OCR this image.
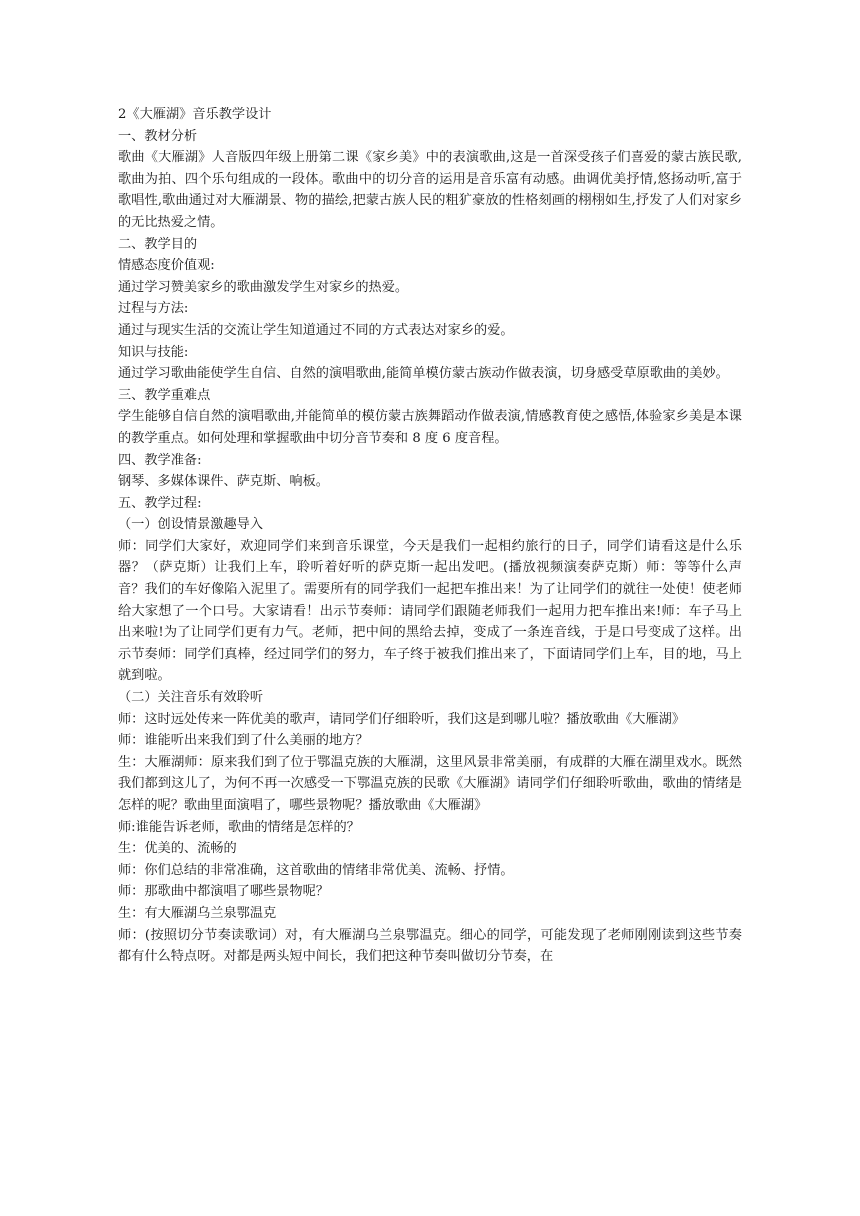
2《大雁湖》音乐教学设计

一、教材分析

歌曲《大雁湖》人音版四年级上册第二课《家乡美》中的表演歌曲,这是一首深受孩子们喜爱的蒙古族民歌,歌曲为拍、四个乐句组成的一段体。歌曲中的切分音的运用是音乐富有动感。曲调优美抒情,悠扬动听,富于歌唱性,歌曲通过对大雁湖景、物的描绘,把蒙古族人民的粗犷豪放的性格刻画的栩栩如生,抒发了人们对家乡的无比热爱之情。

二、教学目的

情感态度价值观:

通过学习赞美家乡的歌曲激发学生对家乡的热爱。

过程与方法:

通过与现实生活的交流让学生知道通过不同的方式表达对家乡的爱。

知识与技能:

通过学习歌曲能使学生自信、自然的演唱歌曲,能简单模仿蒙古族动作做表演，切身感受草原歌曲的美妙。

三、教学重难点

学生能够自信自然的演唱歌曲,并能简单的模仿蒙古族舞蹈动作做表演,情感教育使之感悟,体验家乡美是本课的教学重点。如何处理和掌握歌曲中切分音节奏和 8 度 6 度音程。

四、教学准备:

钢琴、多媒体课件、萨克斯、响板。

五、教学过程:

（一）创设情景激趣导入

师：同学们大家好，欢迎同学们来到音乐课堂，今天是我们一起相约旅行的日子，同学们请看这是什么乐器？（萨克斯）让我们上车，聆听着好听的萨克斯一起出发吧。(播放视频演奏萨克斯）师：等等什么声音？我们的车好像陷入泥里了。需要所有的同学我们一起把车推出来！为了让同学们的就往一处使！使老师给大家想了一个口号。大家请看！出示节奏师：请同学们跟随老师我们一起用力把车推出来!师：车子马上出来啦!为了让同学们更有力气。老师，把中间的黑给去掉，变成了一条连音线，于是口号变成了这样。出示节奏师：同学们真棒，经过同学们的努力，车子终于被我们推出来了，下面请同学们上车，目的地，马上就到啦。

（二）关注音乐有效聆听

师：这时远处传来一阵优美的歌声，请同学们仔细聆听，我们这是到哪儿啦？播放歌曲《大雁湖》

师：谁能听出来我们到了什么美丽的地方？

生：大雁湖师：原来我们到了位于鄂温克族的大雁湖，这里风景非常美丽，有成群的大雁在湖里戏水。既然我们都到这儿了，为何不再一次感受一下鄂温克族的民歌《大雁湖》请同学们仔细聆听歌曲，歌曲的情绪是怎样的呢？歌曲里面演唱了，哪些景物呢？播放歌曲《大雁湖》

师:谁能告诉老师，歌曲的情绪是怎样的？

生：优美的、流畅的

师：你们总结的非常准确，这首歌曲的情绪非常优美、流畅、抒情。

师：那歌曲中都演唱了哪些景物呢？

生：有大雁湖乌兰泉鄂温克

师：(按照切分节奏读歌词）对，有大雁湖乌兰泉鄂温克。细心的同学，可能发现了老师刚刚读到这些节奏都有什么特点呀。对都是两头短中间长，我们把这种节奏叫做切分节奏，在
